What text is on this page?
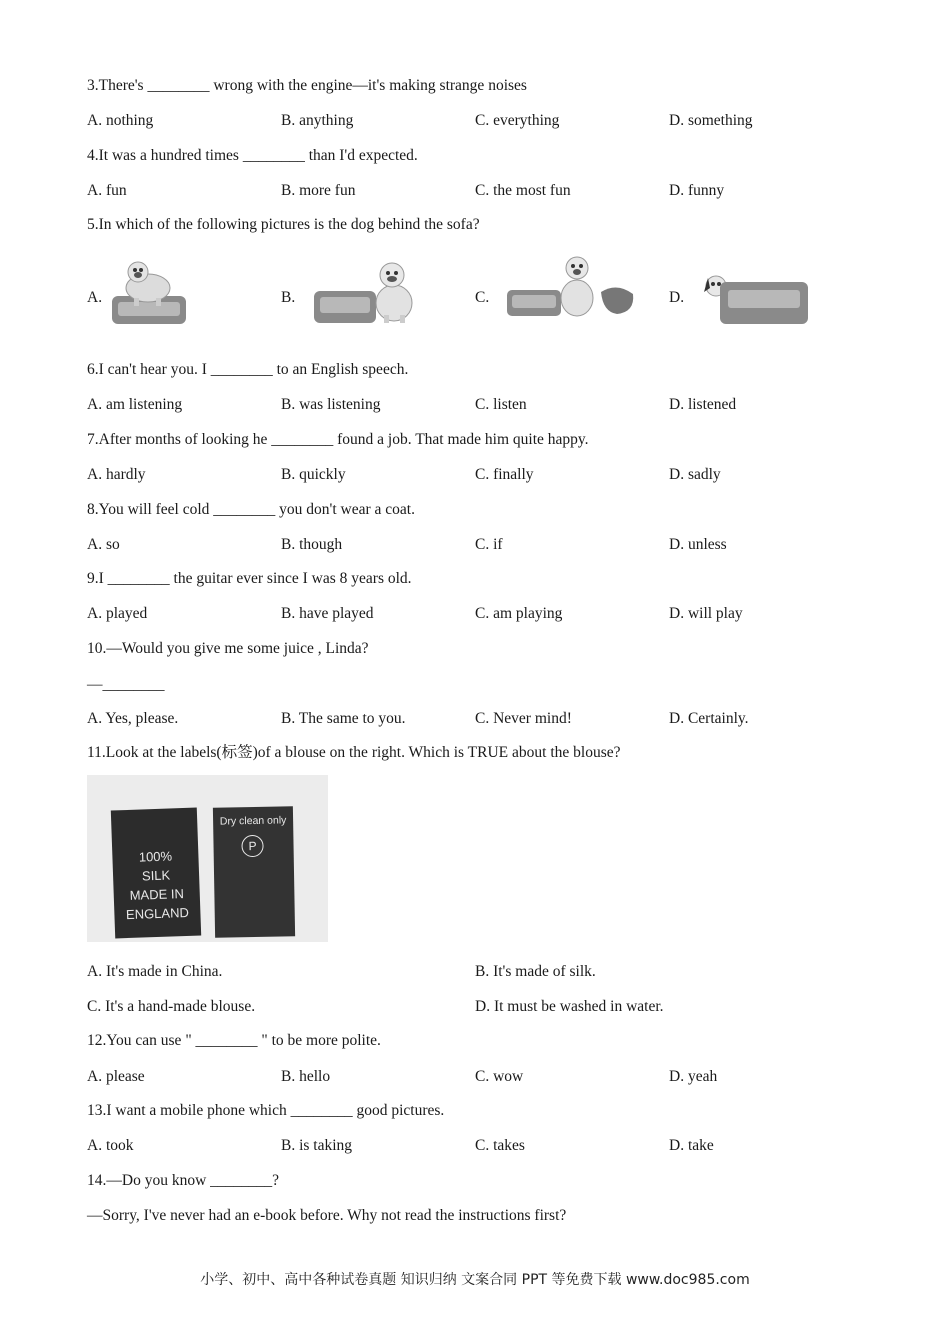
3.There's ________ wrong with the engine—it's making strange noises
A. nothing	B. anything	C. everything	D. something
4.It was a hundred times ________ than I'd expected.
A. fun	B. more fun	C. the most fun	D. funny
5.In which of the following pictures is the dog behind the sofa?
A.	B.	C.	D.
6.I can't hear you. I ________ to an English speech.
A. am listening	B. was listening	C. listen	D. listened
7.After months of looking he ________ found a job. That made him quite happy.
A. hardly	B. quickly	C. finally	D. sadly
8.You will feel cold ________ you don't wear a coat.
A. so	B. though	C. if	D. unless
9.I ________ the guitar ever since I was 8 years old.
A. played	B. have played	C. am playing	D. will play
10.—Would you give me some juice , Linda?
—________
A. Yes, please.	B. The same to you.	C. Never mind!	D. Certainly.
11.Look at the labels(标签)of a blouse on the right. Which is TRUE about the blouse?
100%
SILK
MADE IN
ENGLAND
Dry clean only
P
A. It's made in China.	B. It's made of silk.
C. It's a hand-made blouse.	D. It must be washed in water.
12.You can use " ________ " to be more polite.
A. please	B. hello	C. wow	D. yeah
13.I want a mobile phone which ________ good pictures.
A. took	B. is taking	C. takes	D. take
14.—Do you know ________?
—Sorry, I've never had an e-book before. Why not read the instructions first?
小学、初中、高中各种试卷真题 知识归纳 文案合同 PPT 等免费下载 www.doc985.com
